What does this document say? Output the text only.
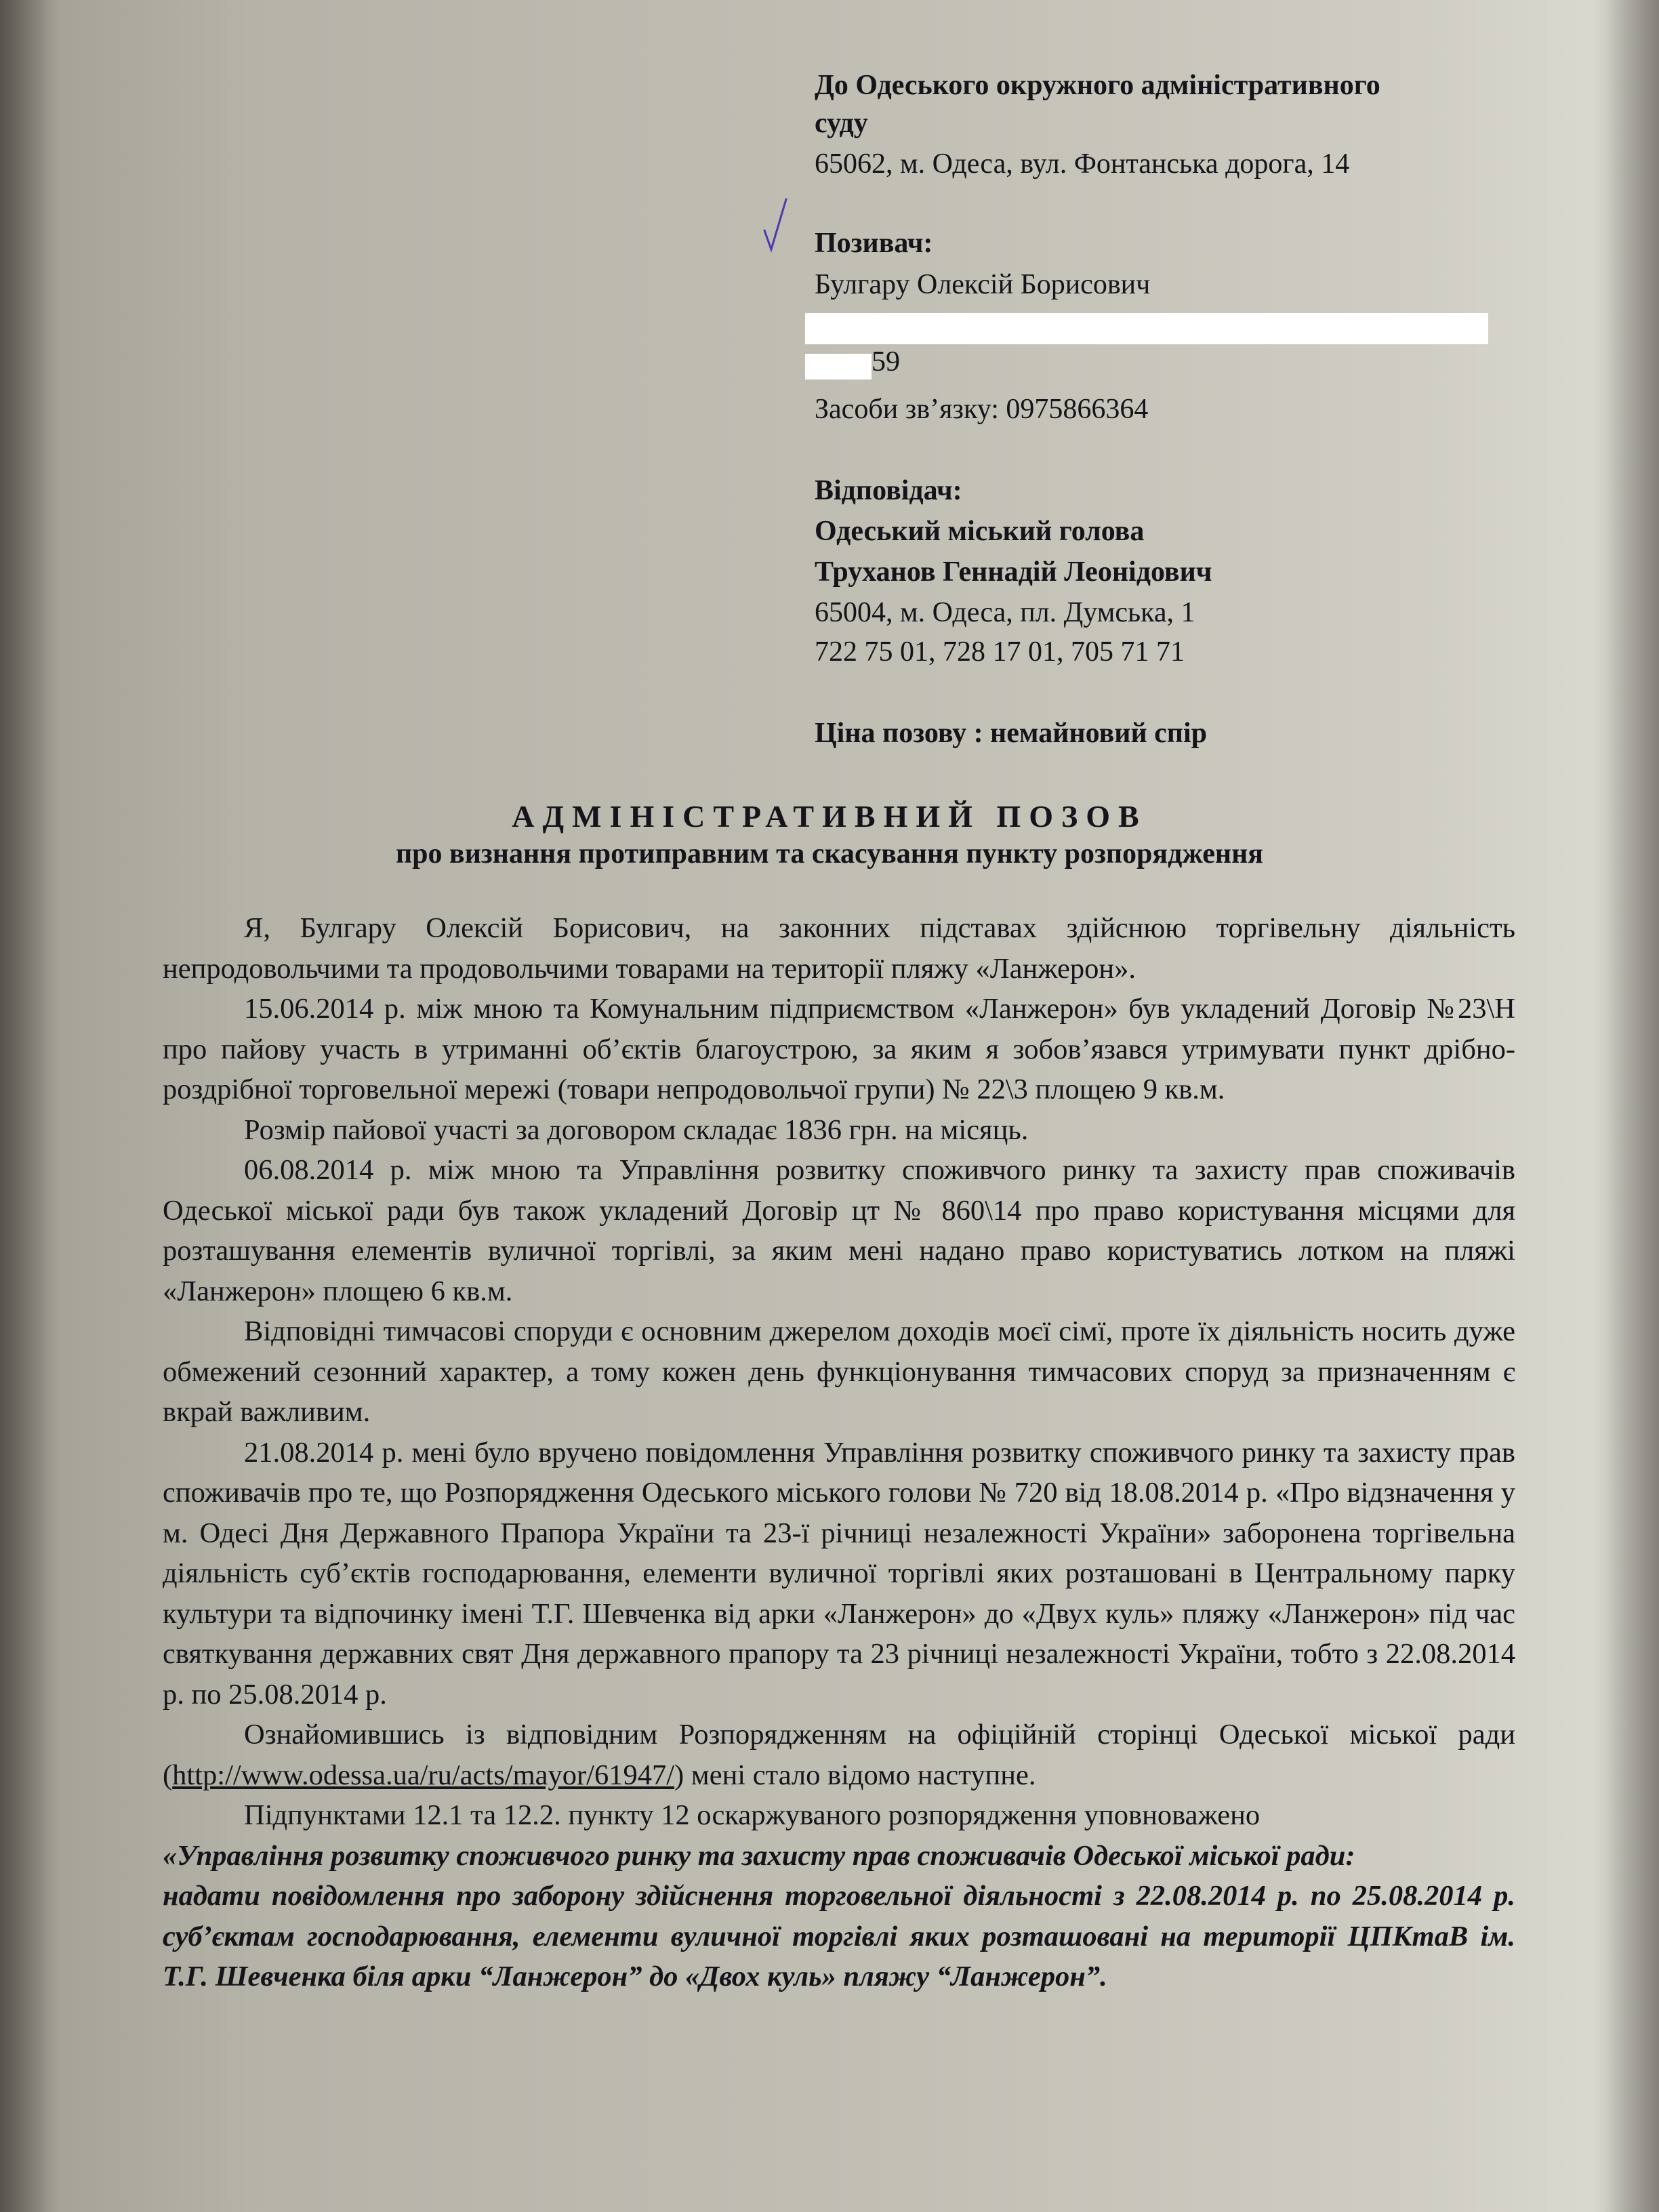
До Одеського окружного адміністративного
суду
65062, м. Одеса, вул. Фонтанська дорога, 14
Позивач:
Булгару Олексій Борисович
59
Засоби зв’язку: 0975866364
Відповідач:
Одеський міський голова
Труханов Геннадій Леонідович
65004, м. Одеса, пл. Думська, 1
722 75 01, 728 17 01, 705 71 71
Ціна позову : немайновий спір
АДМІНІСТРАТИВНИЙ ПОЗОВ
про визнання протиправним та скасування пункту розпорядження

Я, Булгару Олексій Борисович, на законних підставах здійснюю торгівельну діяльність непродовольчими та продовольчими товарами на території пляжу «Ланжерон».

15.06.2014 р. між мною та Комунальним підприємством «Ланжерон» був укладений Договір №23\Н про пайову участь в утриманні об’єктів благоустрою, за яким я зобов’язався утримувати пункт дрібно-роздрібної торговельної мережі (товари непродовольчої групи) № 22\3 площею 9 кв.м.

Розмір пайової участі за договором складає 1836 грн. на місяць.

06.08.2014 р. між мною та Управління розвитку споживчого ринку та захисту прав споживачів Одеської міської ради був також укладений Договір цт № 860\14 про право користування місцями для розташування елементів вуличної торгівлі, за яким мені надано право користуватись лотком на пляжі «Ланжерон» площею 6 кв.м.

Відповідні тимчасові споруди є основним джерелом доходів моєї сімї, проте їх діяльність носить дуже обмежений сезонний характер, а тому кожен день функціонування тимчасових споруд за призначенням є вкрай важливим.

21.08.2014 р. мені було вручено повідомлення Управління розвитку споживчого ринку та захисту прав споживачів про те, що Розпорядження Одеського міського голови № 720 від 18.08.2014 р. «Про відзначення у м. Одесі Дня Державного Прапора України та 23-ї річниці незалежності України» заборонена торгівельна діяльність суб’єктів господарювання, елементи вуличної торгівлі яких розташовані в Центральному парку культури та відпочинку імені Т.Г. Шевченка від арки «Ланжерон» до «Двух куль» пляжу «Ланжерон» під час святкування державних свят Дня державного прапору та 23 річниці незалежності України, тобто з 22.08.2014 р. по 25.08.2014 р.

Ознайомившись із відповідним Розпорядженням на офіційній сторінці Одеської міської ради (http://www.odessa.ua/ru/acts/mayor/61947/) мені стало відомо наступне.

Підпунктами 12.1 та 12.2. пункту 12 оскаржуваного розпорядження уповноважено

«Управління розвитку споживчого ринку та захисту прав споживачів Одеської міської ради:

надати повідомлення про заборону здійснення торговельної діяльності з 22.08.2014 р. по 25.08.2014 р. суб’єктам господарювання, елементи вуличної торгівлі яких розташовані на території ЦПКтаВ ім. Т.Г. Шевченка біля арки “Ланжерон” до «Двох куль» пляжу “Ланжерон”.
